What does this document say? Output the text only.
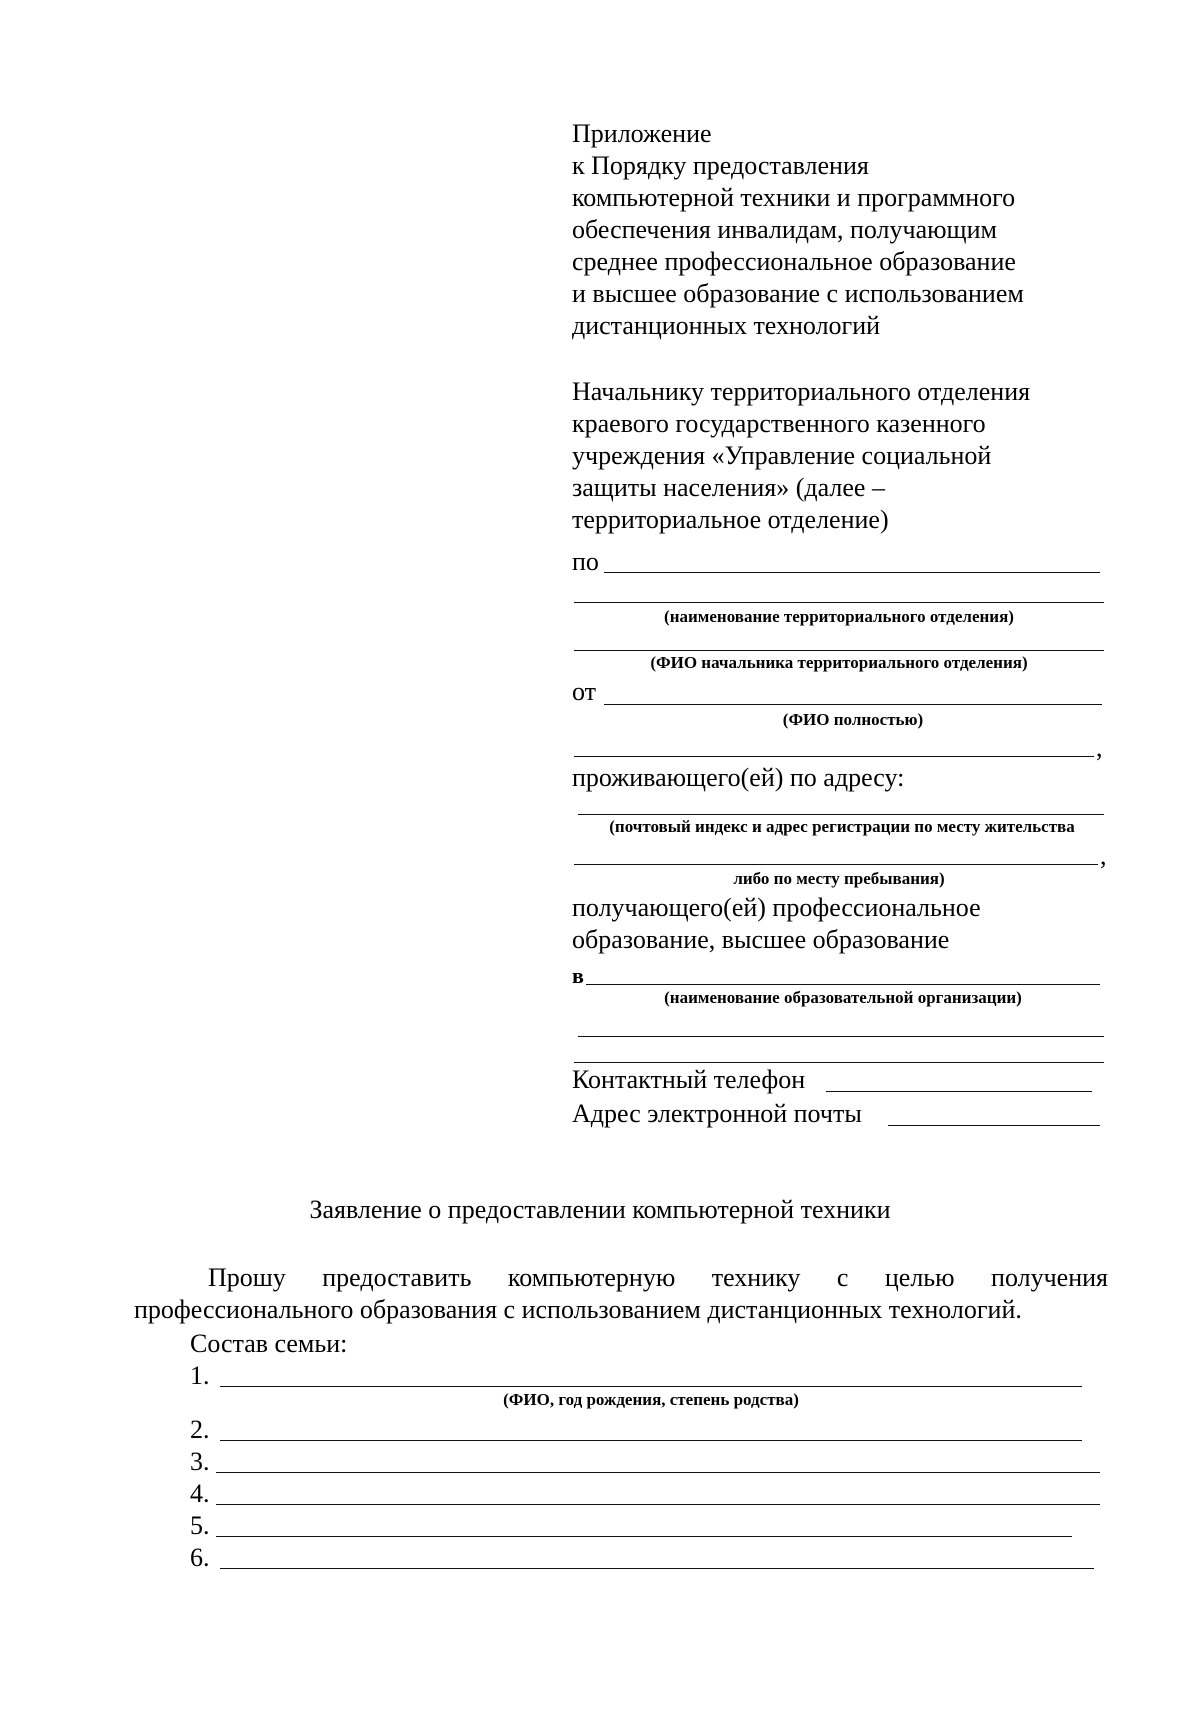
Приложение
к Порядку предоставления
компьютерной техники и программного
обеспечения инвалидам, получающим
среднее профессиональное образование
и высшее образование с использованием
дистанционных технологий
Начальнику территориального отделения
краевого государственного казенного
учреждения «Управление социальной
защиты населения» (далее –
территориальное отделение)
по
(наименование территориального отделения)
(ФИО начальника территориального отделения)
от
(ФИО полностью)
,
проживающего(ей) по адресу:
(почтовый индекс и адрес регистрации по месту жительства
,
либо по месту пребывания)
получающего(ей) профессиональное
образование, высшее образование
в
(наименование образовательной организации)
Контактный телефон
Адрес электронной почты
Заявление о предоставлении компьютерной техники
Прошу предоставить компьютерную технику с целью получения
профессионального образования с использованием дистанционных технологий.
Состав семьи:
1.
(ФИО, год рождения, степень родства)
2.
3.
4.
5.
6.
